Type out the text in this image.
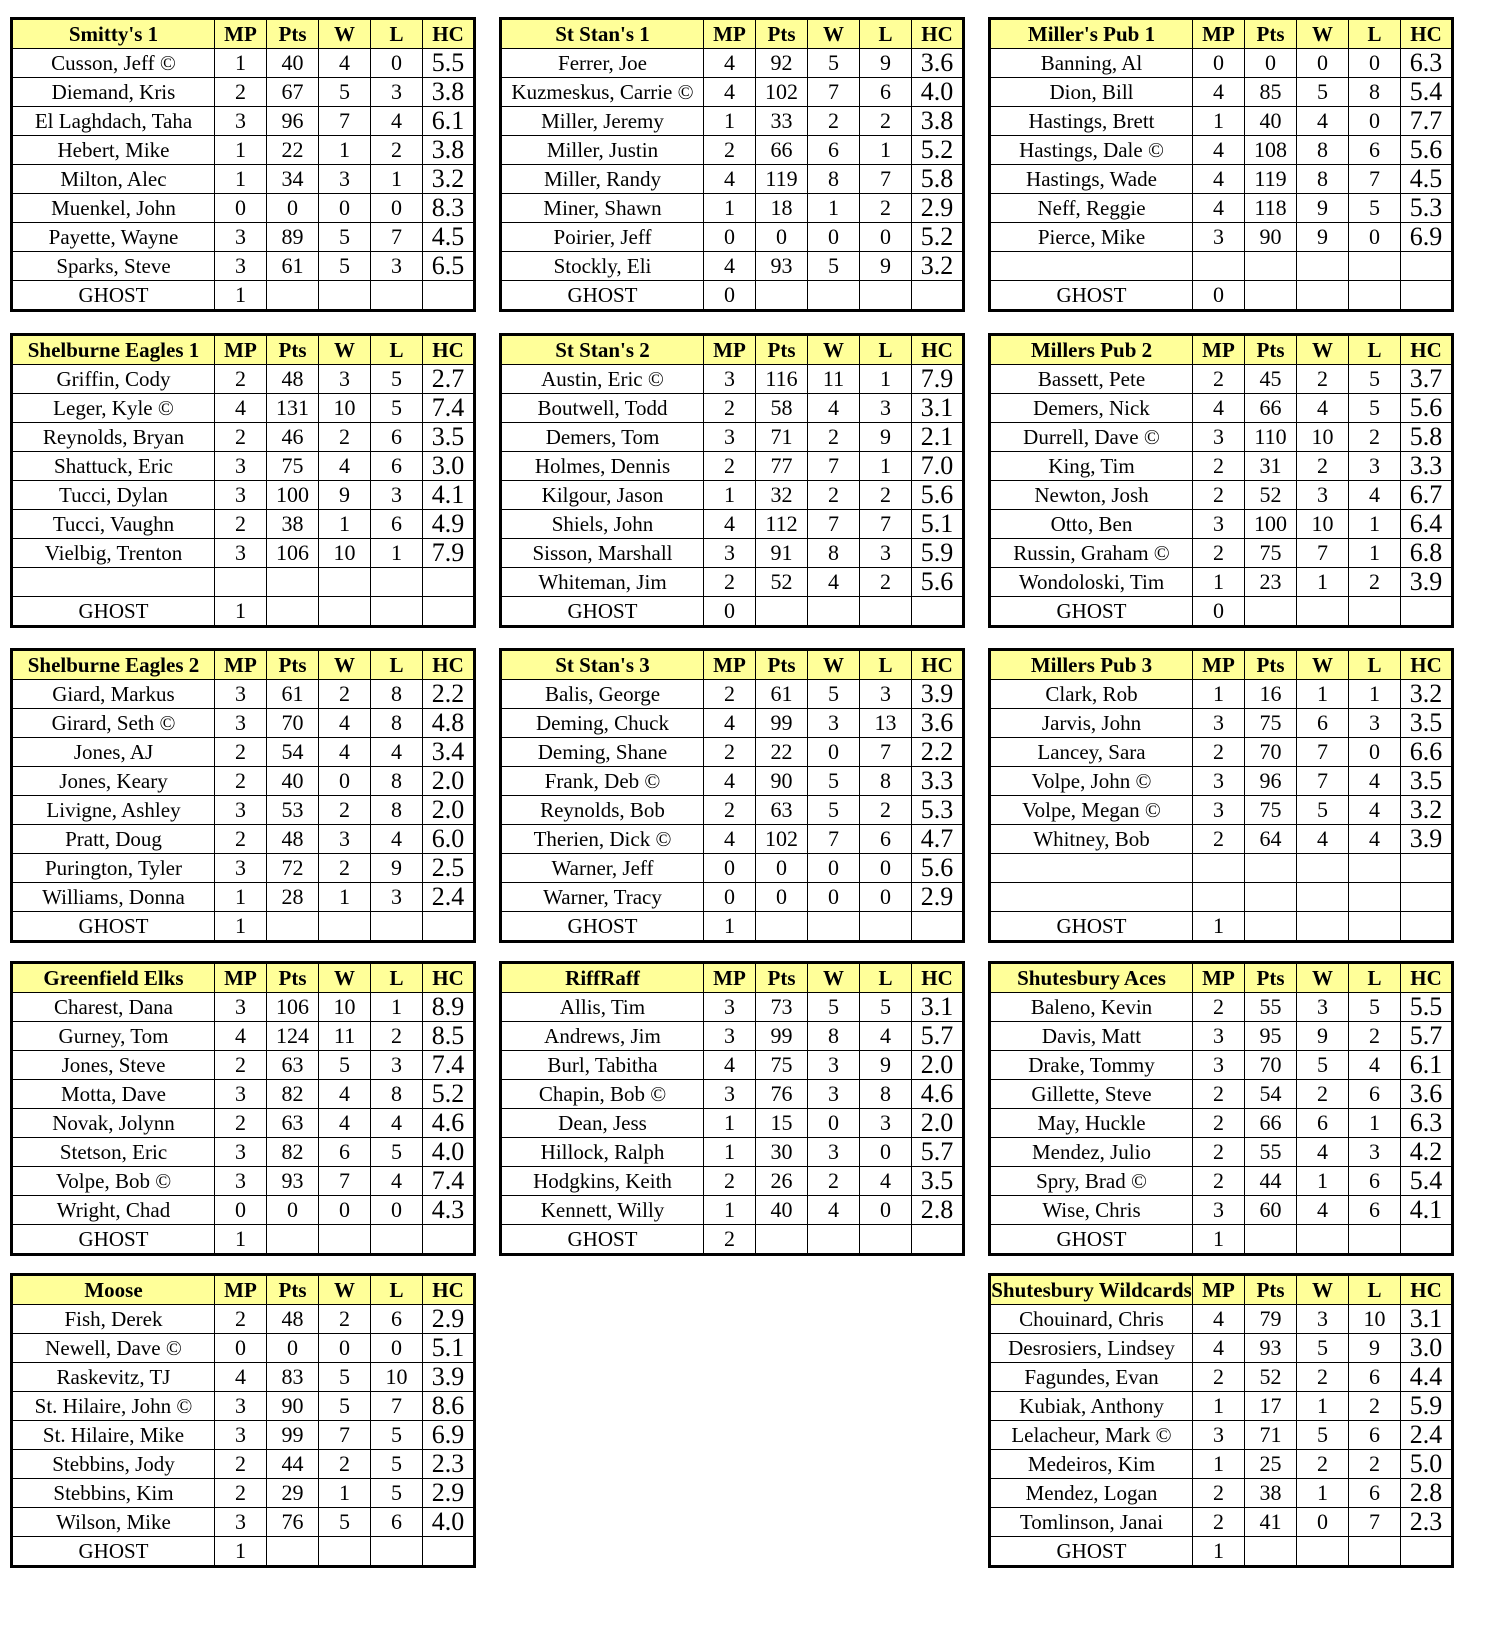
Smitty's 1	MP	Pts	W	L	HC
Cusson, Jeff ©	1	40	4	0	5.5
Diemand, Kris	2	67	5	3	3.8
El Laghdach, Taha	3	96	7	4	6.1
Hebert, Mike	1	22	1	2	3.8
Milton, Alec	1	34	3	1	3.2
Muenkel, John	0	0	0	0	8.3
Payette, Wayne	3	89	5	7	4.5
Sparks, Steve	3	61	5	3	6.5
GHOST	1				
St Stan's 1	MP	Pts	W	L	HC
Ferrer, Joe	4	92	5	9	3.6
Kuzmeskus, Carrie ©	4	102	7	6	4.0
Miller, Jeremy	1	33	2	2	3.8
Miller, Justin	2	66	6	1	5.2
Miller, Randy	4	119	8	7	5.8
Miner, Shawn	1	18	1	2	2.9
Poirier, Jeff	0	0	0	0	5.2
Stockly, Eli	4	93	5	9	3.2
GHOST	0				
Miller's Pub 1	MP	Pts	W	L	HC
Banning, Al	0	0	0	0	6.3
Dion, Bill	4	85	5	8	5.4
Hastings, Brett	1	40	4	0	7.7
Hastings, Dale ©	4	108	8	6	5.6
Hastings, Wade	4	119	8	7	4.5
Neff, Reggie	4	118	9	5	5.3
Pierce, Mike	3	90	9	0	6.9

GHOST	0				
Shelburne Eagles 1	MP	Pts	W	L	HC
Griffin, Cody	2	48	3	5	2.7
Leger, Kyle ©	4	131	10	5	7.4
Reynolds, Bryan	2	46	2	6	3.5
Shattuck, Eric	3	75	4	6	3.0
Tucci, Dylan	3	100	9	3	4.1
Tucci, Vaughn	2	38	1	6	4.9
Vielbig, Trenton	3	106	10	1	7.9

GHOST	1				
St Stan's 2	MP	Pts	W	L	HC
Austin, Eric ©	3	116	11	1	7.9
Boutwell, Todd	2	58	4	3	3.1
Demers, Tom	3	71	2	9	2.1
Holmes, Dennis	2	77	7	1	7.0
Kilgour, Jason	1	32	2	2	5.6
Shiels, John	4	112	7	7	5.1
Sisson, Marshall	3	91	8	3	5.9
Whiteman, Jim	2	52	4	2	5.6
GHOST	0				
Millers Pub 2	MP	Pts	W	L	HC
Bassett, Pete	2	45	2	5	3.7
Demers, Nick	4	66	4	5	5.6
Durrell, Dave ©	3	110	10	2	5.8
King, Tim	2	31	2	3	3.3
Newton, Josh	2	52	3	4	6.7
Otto, Ben	3	100	10	1	6.4
Russin, Graham ©	2	75	7	1	6.8
Wondoloski, Tim	1	23	1	2	3.9
GHOST	0				
Shelburne Eagles 2	MP	Pts	W	L	HC
Giard, Markus	3	61	2	8	2.2
Girard, Seth ©	3	70	4	8	4.8
Jones, AJ	2	54	4	4	3.4
Jones, Keary	2	40	0	8	2.0
Livigne, Ashley	3	53	2	8	2.0
Pratt, Doug	2	48	3	4	6.0
Purington, Tyler	3	72	2	9	2.5
Williams, Donna	1	28	1	3	2.4
GHOST	1				
St Stan's 3	MP	Pts	W	L	HC
Balis, George	2	61	5	3	3.9
Deming, Chuck	4	99	3	13	3.6
Deming, Shane	2	22	0	7	2.2
Frank, Deb ©	4	90	5	8	3.3
Reynolds, Bob	2	63	5	2	5.3
Therien, Dick ©	4	102	7	6	4.7
Warner, Jeff	0	0	0	0	5.6
Warner, Tracy	0	0	0	0	2.9
GHOST	1				
Millers Pub 3	MP	Pts	W	L	HC
Clark, Rob	1	16	1	1	3.2
Jarvis, John	3	75	6	3	3.5
Lancey, Sara	2	70	7	0	6.6
Volpe, John ©	3	96	7	4	3.5
Volpe, Megan ©	3	75	5	4	3.2
Whitney, Bob	2	64	4	4	3.9

GHOST	1				
Greenfield Elks	MP	Pts	W	L	HC
Charest, Dana	3	106	10	1	8.9
Gurney, Tom	4	124	11	2	8.5
Jones, Steve	2	63	5	3	7.4
Motta, Dave	3	82	4	8	5.2
Novak, Jolynn	2	63	4	4	4.6
Stetson, Eric	3	82	6	5	4.0
Volpe, Bob ©	3	93	7	4	7.4
Wright, Chad	0	0	0	0	4.3
GHOST	1				
RiffRaff	MP	Pts	W	L	HC
Allis, Tim	3	73	5	5	3.1
Andrews, Jim	3	99	8	4	5.7
Burl, Tabitha	4	75	3	9	2.0
Chapin, Bob ©	3	76	3	8	4.6
Dean, Jess	1	15	0	3	2.0
Hillock, Ralph	1	30	3	0	5.7
Hodgkins, Keith	2	26	2	4	3.5
Kennett, Willy	1	40	4	0	2.8
GHOST	2				
Shutesbury Aces	MP	Pts	W	L	HC
Baleno, Kevin	2	55	3	5	5.5
Davis, Matt	3	95	9	2	5.7
Drake, Tommy	3	70	5	4	6.1
Gillette, Steve	2	54	2	6	3.6
May, Huckle	2	66	6	1	6.3
Mendez, Julio	2	55	4	3	4.2
Spry, Brad ©	2	44	1	6	5.4
Wise, Chris	3	60	4	6	4.1
GHOST	1				
Moose	MP	Pts	W	L	HC
Fish, Derek	2	48	2	6	2.9
Newell, Dave ©	0	0	0	0	5.1
Raskevitz, TJ	4	83	5	10	3.9
St. Hilaire, John ©	3	90	5	7	8.6
St. Hilaire, Mike	3	99	7	5	6.9
Stebbins, Jody	2	44	2	5	2.3
Stebbins, Kim	2	29	1	5	2.9
Wilson, Mike	3	76	5	6	4.0
GHOST	1				
Shutesbury Wildcards	MP	Pts	W	L	HC
Chouinard, Chris	4	79	3	10	3.1
Desrosiers, Lindsey	4	93	5	9	3.0
Fagundes, Evan	2	52	2	6	4.4
Kubiak, Anthony	1	17	1	2	5.9
Lelacheur, Mark ©	3	71	5	6	2.4
Medeiros, Kim	1	25	2	2	5.0
Mendez, Logan	2	38	1	6	2.8
Tomlinson, Janai	2	41	0	7	2.3
GHOST	1				
